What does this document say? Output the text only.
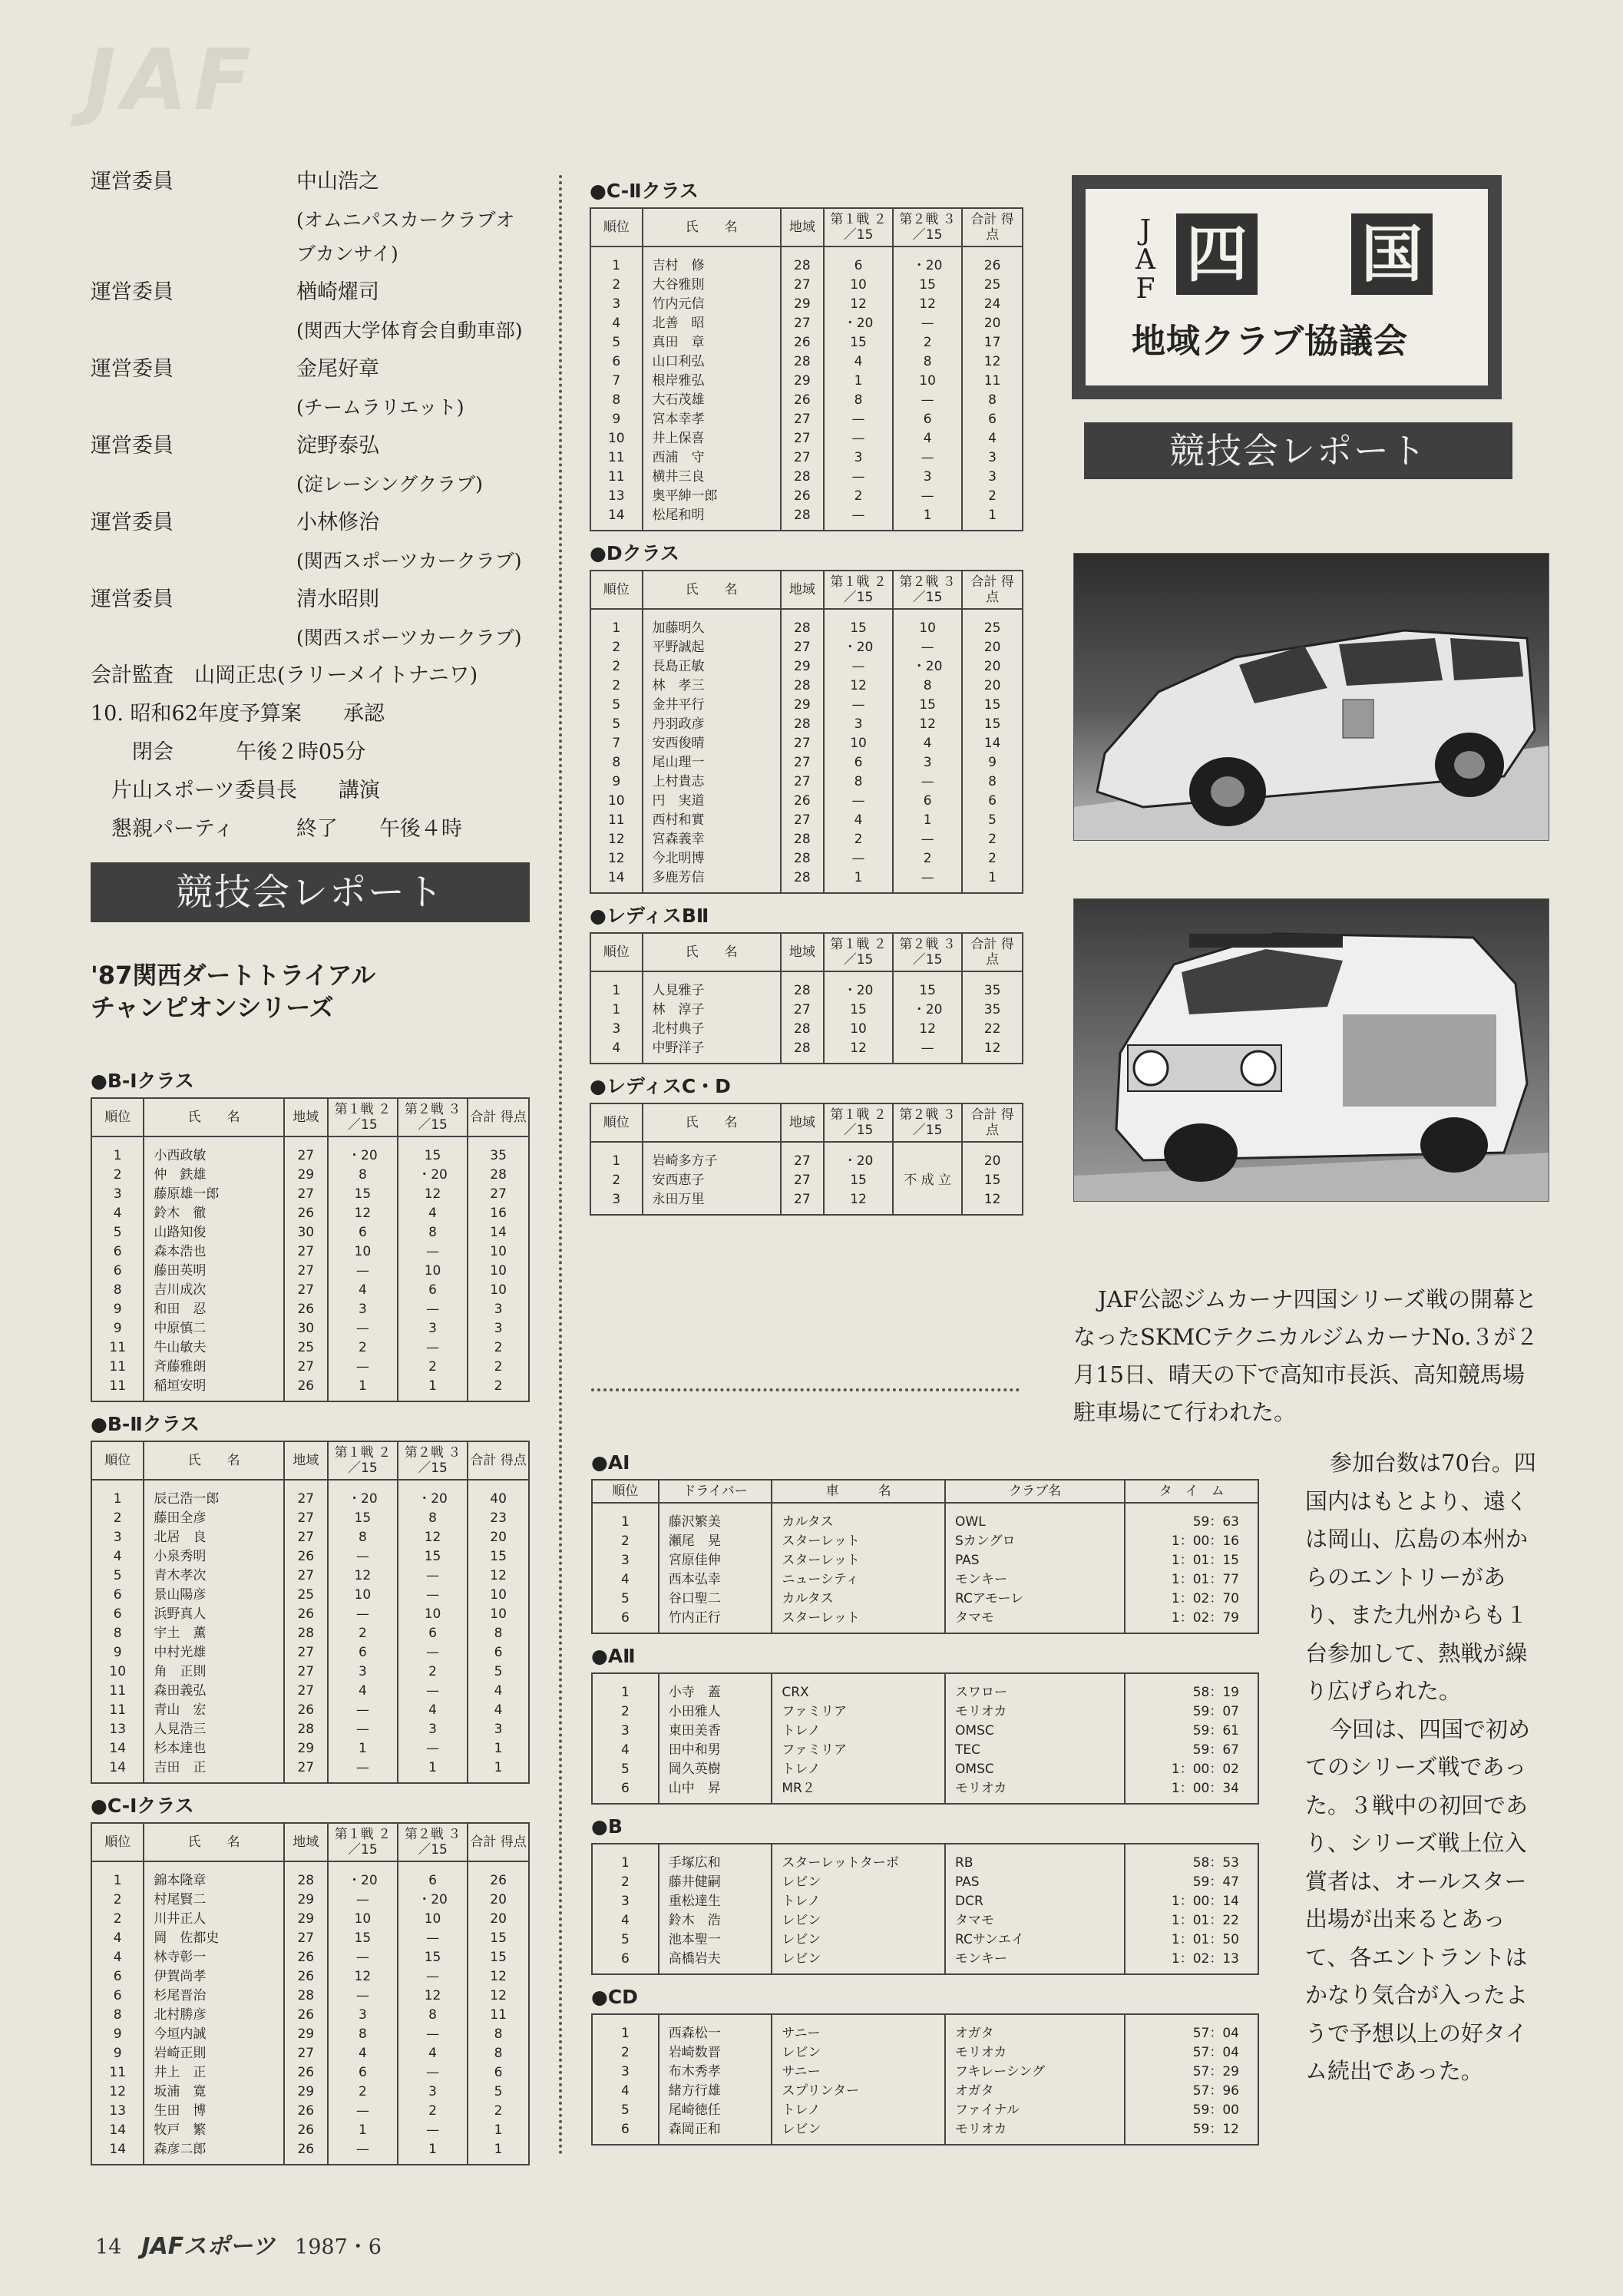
JAF
運営委員	中山浩之
(オムニパスカークラブオブカンサイ)
運営委員	楢崎燿司
(関西大学体育会自動車部)
運営委員	金尾好章
(チームラリエット)
運営委員	淀野泰弘
(淀レーシングクラブ)
運営委員	小林修治
(関西スポーツカークラブ)
運営委員	清水昭則
(関西スポーツカークラブ)
会計監査　山岡正忠(ラリーメイトナニワ)
10. 昭和62年度予算案　　承認
　　閉会　　　午後２時05分
　片山スポーツ委員長　　講演
　懇親パーティ　　　終了　　午後４時
競技会レポート
'87関西ダートトライアル
チャンピオンシリーズ
●B-Ⅰクラス
順位	氏　　名	地域	第１戦 ２／15	第２戦 ３／15	合計 得点
1	小西政敏	27	・20	15	35
2	仲　鉄雄	29	8	・20	28
3	藤原雄一郎	27	15	12	27
4	鈴木　徹	26	12	4	16
5	山路知俊	30	6	8	14
6	森本浩也	27	10	—	10
6	藤田英明	27	—	10	10
8	吉川成次	27	4	6	10
9	和田　忍	26	3	—	3
9	中原慎二	30	—	3	3
11	牛山敏夫	25	2	—	2
11	斉藤雅朗	27	—	2	2
11	稲垣安明	26	1	1	2
●B-Ⅱクラス
順位	氏　　名	地域	第１戦 ２／15	第２戦 ３／15	合計 得点
1	辰己浩一郎	27	・20	・20	40
2	藤田全彦	27	15	8	23
3	北居　良	27	8	12	20
4	小泉秀明	26	—	15	15
5	青木孝次	27	12	—	12
6	景山陽彦	25	10	—	10
6	浜野真人	26	—	10	10
8	宇土　薫	28	2	6	8
9	中村光雄	27	6	—	6
10	角　正則	27	3	2	5
11	森田義弘	27	4	—	4
11	青山　宏	26	—	4	4
13	人見浩三	28	—	3	3
14	杉本達也	29	1	—	1
14	吉田　正	27	—	1	1
●C-Ⅰクラス
順位	氏　　名	地域	第１戦 ２／15	第２戦 ３／15	合計 得点
1	錦本隆章	28	・20	6	26
2	村尾賢二	29	—	・20	20
2	川井正人	29	10	10	20
4	岡　佐都史	27	15	—	15
4	林寺彰一	26	—	15	15
6	伊賀尚孝	26	12	—	12
6	杉尾晋治	28	—	12	12
8	北村勝彦	26	3	8	11
9	今垣内誠	29	8	—	8
9	岩崎正則	27	4	4	8
11	井上　正	26	6	—	6
12	坂浦　寛	29	2	3	5
13	生田　博	26	—	2	2
14	牧戸　繁	26	1	—	1
14	森彦二郎	26	—	1	1
●C-Ⅱクラス
順位	氏　　名	地域	第１戦 ２／15	第２戦 ３／15	合計 得点
1	吉村　修	28	6	・20	26
2	大谷雅則	27	10	15	25
3	竹内元信	29	12	12	24
4	北善　昭	27	・20	—	20
5	真田　章	26	15	2	17
6	山口利弘	28	4	8	12
7	根岸雅弘	29	1	10	11
8	大石茂雄	26	8	—	8
9	宮本幸孝	27	—	6	6
10	井上保喜	27	—	4	4
11	西浦　守	27	3	—	3
11	横井三良	28	—	3	3
13	奥平紳一郎	26	2	—	2
14	松尾和明	28	—	1	1
●Dクラス
順位	氏　　名	地域	第１戦 ２／15	第２戦 ３／15	合計 得点
1	加藤明久	28	15	10	25
2	平野誠起	27	・20	—	20
2	長島正敏	29	—	・20	20
2	林　孝三	28	12	8	20
5	金井平行	29	—	15	15
5	丹羽政彦	28	3	12	15
7	安西俊晴	27	10	4	14
8	尾山理一	27	6	3	9
9	上村貴志	27	8	—	8
10	円　実道	26	—	6	6
11	西村和實	27	4	1	5
12	宮森義幸	28	2	—	2
12	今北明博	28	—	2	2
14	多鹿芳信	28	1	—	1
●レディスBⅡ
順位	氏　　名	地域	第１戦 ２／15	第２戦 ３／15	合計 得点
1	人見雅子	28	・20	15	35
1	林　淳子	27	15	・20	35
3	北村典子	28	10	12	22
4	中野洋子	28	12	—	12
●レディスC・D
順位	氏　　名	地域	第１戦 ２／15	第２戦 ３／15	合計 得点
1	岩崎多方子	27	・20		20
2	安西恵子	27	15	不 成 立	15
3	永田万里	27	12		12
●AⅠ
順位	ドライバー	車　　　名	クラブ名	タ　イ　ム
1	藤沢繁美	カルタス	OWL	59：63
2	瀬尾　晃	スターレット	Sカングロ	1：00：16
3	宮原佳伸	スターレット	PAS	1：01：15
4	西本弘幸	ニューシティ	モンキー	1：01：77
5	谷口聖二	カルタス	RCアモーレ	1：02：70
6	竹内正行	スターレット	タマモ	1：02：79
●AⅡ
1	小寺　蓋	CRX	スワロー	58：19
2	小田雅人	ファミリア	モリオカ	59：07
3	東田美香	トレノ	OMSC	59：61
4	田中和男	ファミリア	TEC	59：67
5	岡久英樹	トレノ	OMSC	1：00：02
6	山中　昇	MR２	モリオカ	1：00：34
●B
1	手塚広和	スターレットターボ	RB	58：53
2	藤井健嗣	レビン	PAS	59：47
3	重松達生	トレノ	DCR	1：00：14
4	鈴木　浩	レビン	タマモ	1：01：22
5	池本聖一	レビン	RCサンエイ	1：01：50
6	高橋岩夫	レビン	モンキー	1：02：13
●CD
1	西森松一	サニー	オガタ	57：04
2	岩崎数晋	レビン	モリオカ	57：04
3	布木秀孝	サニー	フキレーシング	57：29
4	緒方行雄	スプリンター	オガタ	57：96
5	尾崎徳任	トレノ	ファイナル	59：00
6	森岡正和	レビン	モリオカ	59：12
J A F 四 国
地域クラブ協議会
競技会レポート
JAF公認ジムカーナ四国シリーズ戦の開幕となったSKMCテクニカルジムカーナNo.３が２月15日、晴天の下で高知市長浜、高知競馬場駐車場にて行われた。

参加台数は70台。四国内はもとより、遠くは岡山、広島の本州からのエントリーがあり、また九州からも１台参加して、熱戦が繰り広げられた。

今回は、四国で初めてのシリーズ戦であった。３戦中の初回であり、シリーズ戦上位入賞者は、オールスター出場が出来るとあって、各エントラントはかなり気合が入ったようで予想以上の好タイム続出であった。

14 JAFスポーツ 1987・6
